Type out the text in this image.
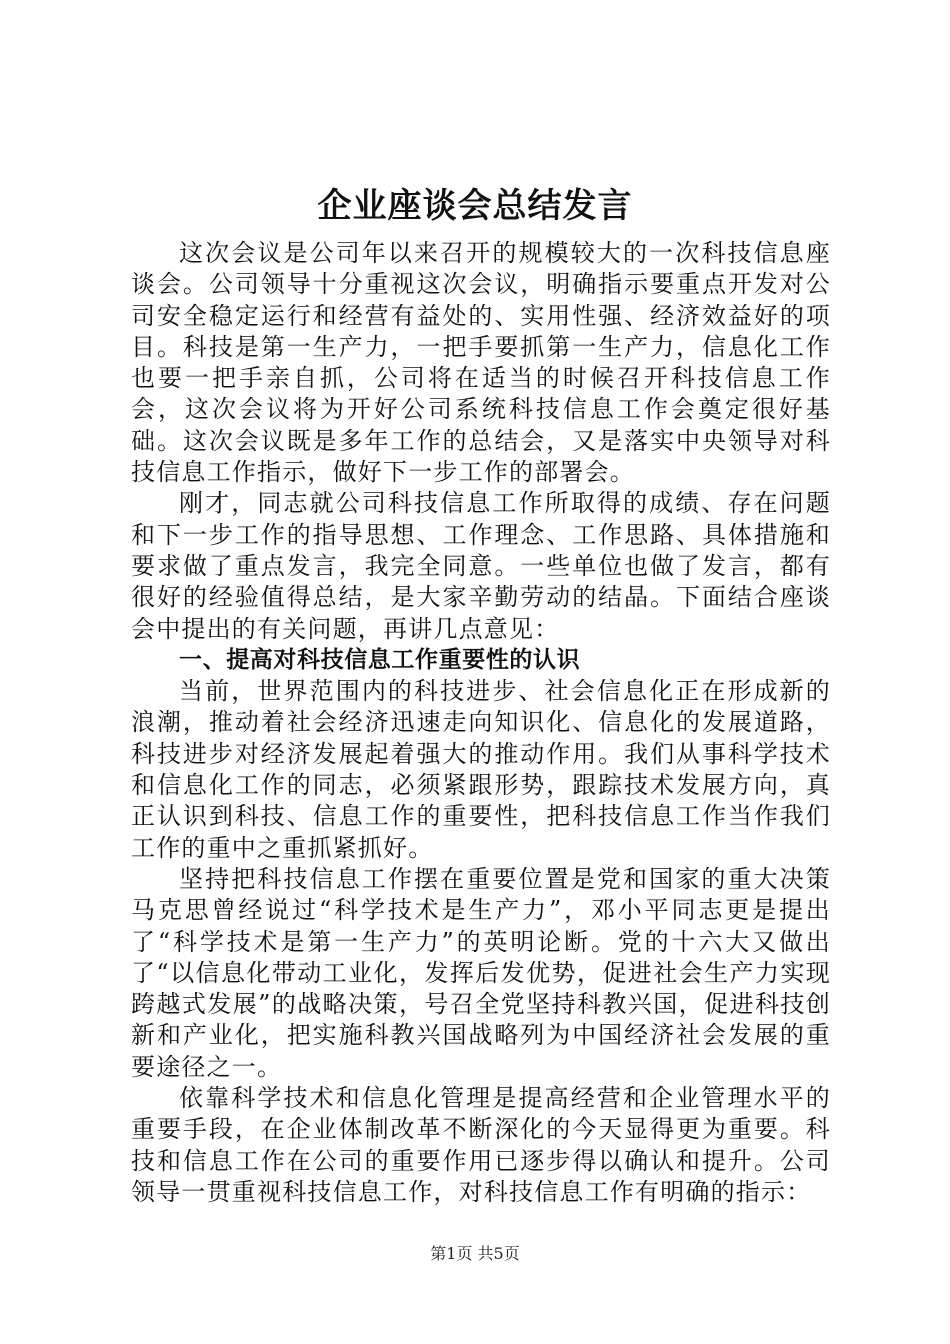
企业座谈会总结发言

这次会议是公司年以来召开的规模较大的一次科技信息座谈会。公司领导十分重视这次会议，明确指示要重点开发对公司安全稳定运行和经营有益处的、实用性强、经济效益好的项目。科技是第一生产力，一把手要抓第一生产力，信息化工作也要一把手亲自抓，公司将在适当的时候召开科技信息工作会，这次会议将为开好公司系统科技信息工作会奠定很好基础。这次会议既是多年工作的总结会，又是落实中央领导对科技信息工作指示，做好下一步工作的部署会。

刚才，同志就公司科技信息工作所取得的成绩、存在问题和下一步工作的指导思想、工作理念、工作思路、具体措施和要求做了重点发言，我完全同意。一些单位也做了发言，都有很好的经验值得总结，是大家辛勤劳动的结晶。下面结合座谈会中提出的有关问题，再讲几点意见：

一、提高对科技信息工作重要性的认识

当前，世界范围内的科技进步、社会信息化正在形成新的浪潮，推动着社会经济迅速走向知识化、信息化的发展道路，科技进步对经济发展起着强大的推动作用。我们从事科学技术和信息化工作的同志，必须紧跟形势，跟踪技术发展方向，真正认识到科技、信息工作的重要性，把科技信息工作当作我们工作的重中之重抓紧抓好。

坚持把科技信息工作摆在重要位置是党和国家的重大决策马克思曾经说过“科学技术是生产力”，邓小平同志更是提出了“科学技术是第一生产力”的英明论断。党的十六大又做出了“以信息化带动工业化，发挥后发优势，促进社会生产力实现跨越式发展”的战略决策，号召全党坚持科教兴国，促进科技创新和产业化，把实施科教兴国战略列为中国经济社会发展的重要途径之一。

依靠科学技术和信息化管理是提高经营和企业管理水平的重要手段，在企业体制改革不断深化的今天显得更为重要。科技和信息工作在公司的重要作用已逐步得以确认和提升。公司领导一贯重视科技信息工作，对科技信息工作有明确的指示：

第1页 共5页
